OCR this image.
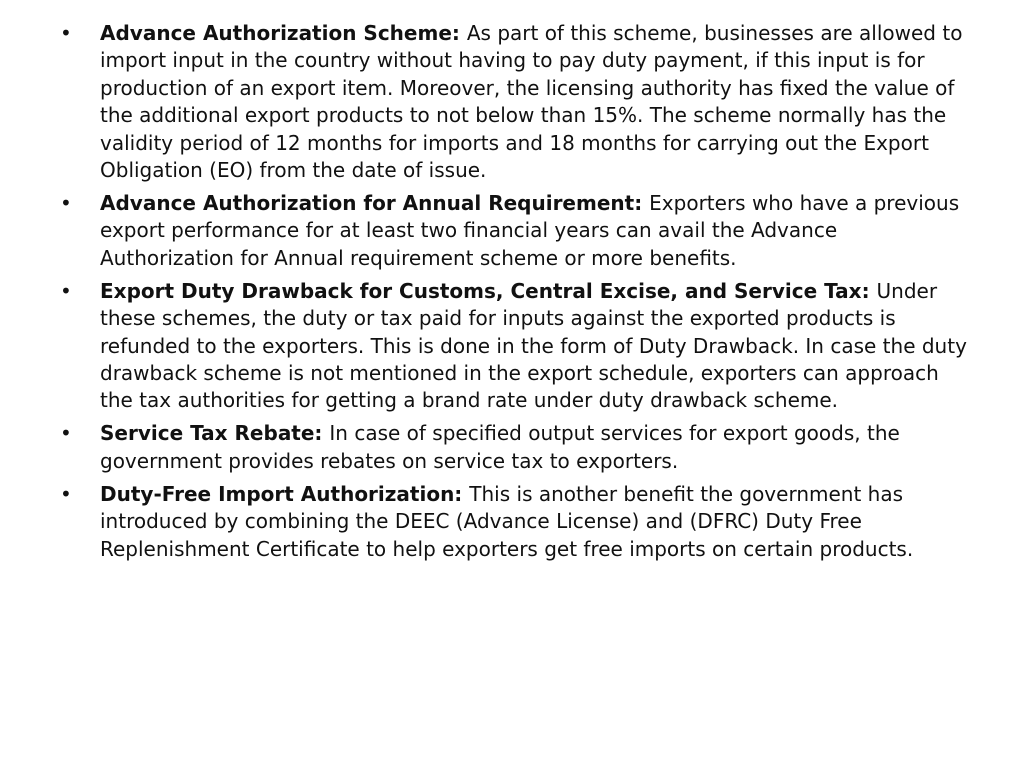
•	Advance Authorization Scheme: As part of this scheme, businesses are allowed to import input in the country without having to pay duty payment, if this input is for production of an export item. Moreover, the licensing authority has fixed the value of the additional export products to not below than 15%. The scheme normally has the validity period of 12 months for imports and 18 months for carrying out the Export Obligation (EO) from the date of issue.
•	Advance Authorization for Annual Requirement: Exporters who have a previous export performance for at least two financial years can avail the Advance Authorization for Annual requirement scheme or more benefits.
•	Export Duty Drawback for Customs, Central Excise, and Service Tax: Under these schemes, the duty or tax paid for inputs against the exported products is refunded to the exporters. This is done in the form of Duty Drawback. In case the duty drawback scheme is not mentioned in the export schedule, exporters can approach the tax authorities for getting a brand rate under duty drawback scheme.
•	Service Tax Rebate: In case of specified output services for export goods, the government provides rebates on service tax to exporters.
•	Duty-Free Import Authorization: This is another benefit the government has introduced by combining the DEEC (Advance License) and (DFRC) Duty Free Replenishment Certificate to help exporters get free imports on certain products.
